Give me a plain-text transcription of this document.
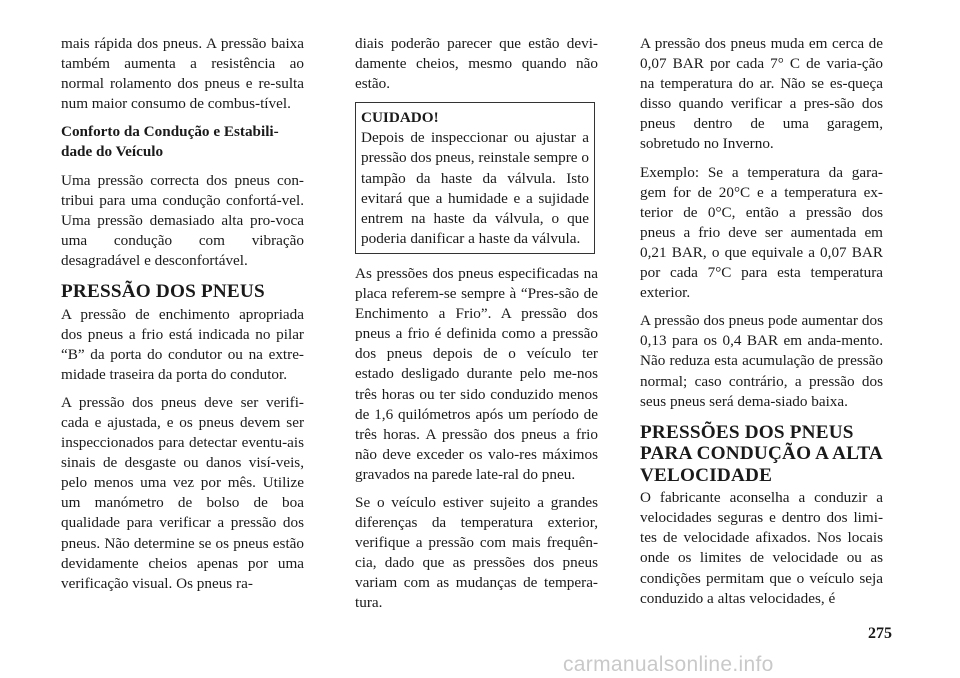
mais rápida dos pneus. A pressão baixa também aumenta a resistência ao normal rolamento dos pneus e re-sulta num maior consumo de combus-tível.

Conforto da Condução e Estabili-dade do Veículo

Uma pressão correcta dos pneus con-tribui para uma condução confortá-vel. Uma pressão demasiado alta pro-voca uma condução com vibração desagradável e desconfortável.

PRESSÃO DOS PNEUS

A pressão de enchimento apropriada dos pneus a frio está indicada no pilar “B” da porta do condutor ou na extre-midade traseira da porta do condutor.

A pressão dos pneus deve ser verifi-cada e ajustada, e os pneus devem ser inspeccionados para detectar eventu-ais sinais de desgaste ou danos visí-veis, pelo menos uma vez por mês. Utilize um manómetro de bolso de boa qualidade para verificar a pressão dos pneus. Não determine se os pneus estão devidamente cheios apenas por uma verificação visual. Os pneus ra-

diais poderão parecer que estão devi-damente cheios, mesmo quando não estão.

CUIDADO!
Depois de inspeccionar ou ajustar a pressão dos pneus, reinstale sempre o tampão da haste da válvula. Isto evitará que a humidade e a sujidade entrem na haste da válvula, o que poderia danificar a haste da válvula.

As pressões dos pneus especificadas na placa referem-se sempre à “Pres-são de Enchimento a Frio”. A pressão dos pneus a frio é definida como a pressão dos pneus depois de o veículo ter estado desligado durante pelo me-nos três horas ou ter sido conduzido menos de 1,6 quilómetros após um período de três horas. A pressão dos pneus a frio não deve exceder os valo-res máximos gravados na parede late-ral do pneu.

Se o veículo estiver sujeito a grandes diferenças da temperatura exterior, verifique a pressão com mais frequên-cia, dado que as pressões dos pneus variam com as mudanças de tempera-tura.

A pressão dos pneus muda em cerca de 0,07 BAR por cada 7° C de varia-ção na temperatura do ar. Não se es-queça disso quando verificar a pres-são dos pneus dentro de uma garagem, sobretudo no Inverno.

Exemplo: Se a temperatura da gara-gem for de 20°C e a temperatura ex-terior de 0°C, então a pressão dos pneus a frio deve ser aumentada em 0,21 BAR, o que equivale a 0,07 BAR por cada 7°C para esta temperatura exterior.

A pressão dos pneus pode aumentar dos 0,13 para os 0,4 BAR em anda-mento. Não reduza esta acumulação de pressão normal; caso contrário, a pressão dos seus pneus será dema-siado baixa.

PRESSÕES DOS PNEUS PARA CONDUÇÃO A ALTA VELOCIDADE

O fabricante aconselha a conduzir a velocidades seguras e dentro dos limi-tes de velocidade afixados. Nos locais onde os limites de velocidade ou as condições permitam que o veículo seja conduzido a altas velocidades, é

275
carmanualsonline.info
